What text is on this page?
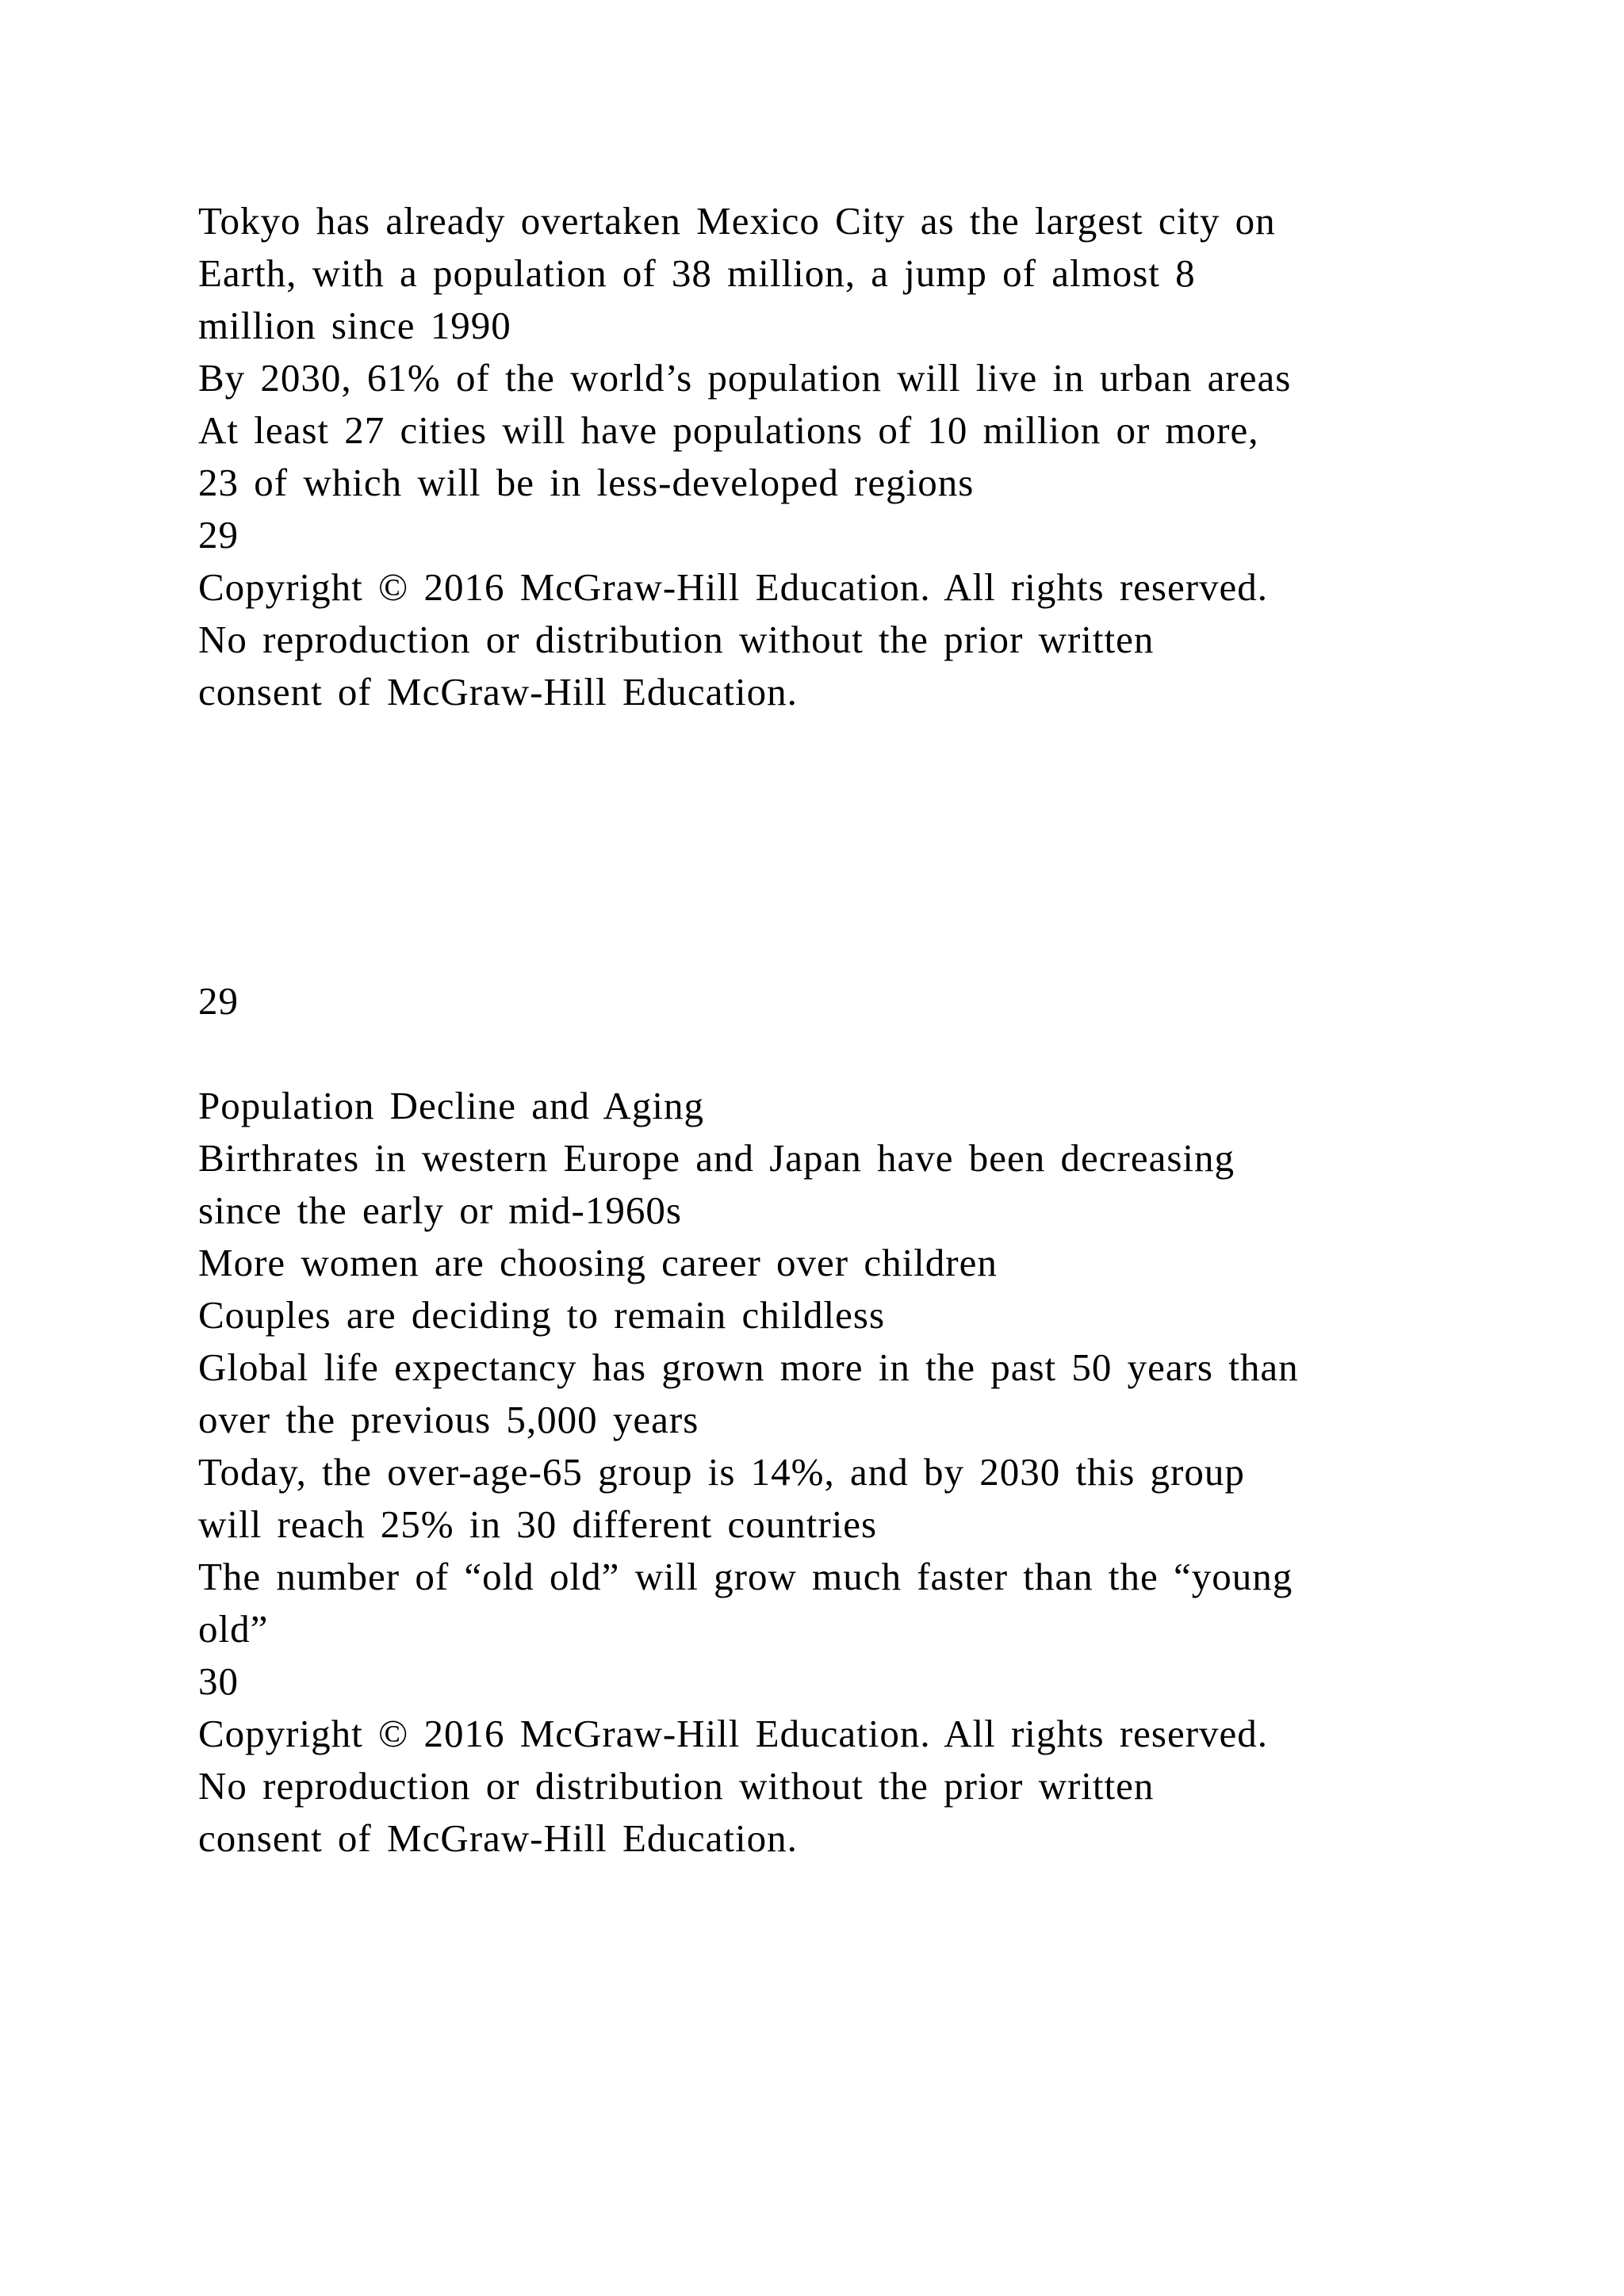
Tokyo has already overtaken Mexico City as the largest city on
Earth, with a population of 38 million, a jump of almost 8
million since 1990
By 2030, 61% of the world’s population will live in urban areas
At least 27 cities will have populations of 10 million or more,
23 of which will be in less-developed regions
29
Copyright © 2016 McGraw-Hill Education. All rights reserved.
No reproduction or distribution without the prior written
consent of McGraw-Hill Education.
29
Population Decline and Aging
Birthrates in western Europe and Japan have been decreasing
since the early or mid-1960s
More women are choosing career over children
Couples are deciding to remain childless
Global life expectancy has grown more in the past 50 years than
over the previous 5,000 years
Today, the over-age-65 group is 14%, and by 2030 this group
will reach 25% in 30 different countries
The number of “old old” will grow much faster than the “young
old”
30
Copyright © 2016 McGraw-Hill Education. All rights reserved.
No reproduction or distribution without the prior written
consent of McGraw-Hill Education.
